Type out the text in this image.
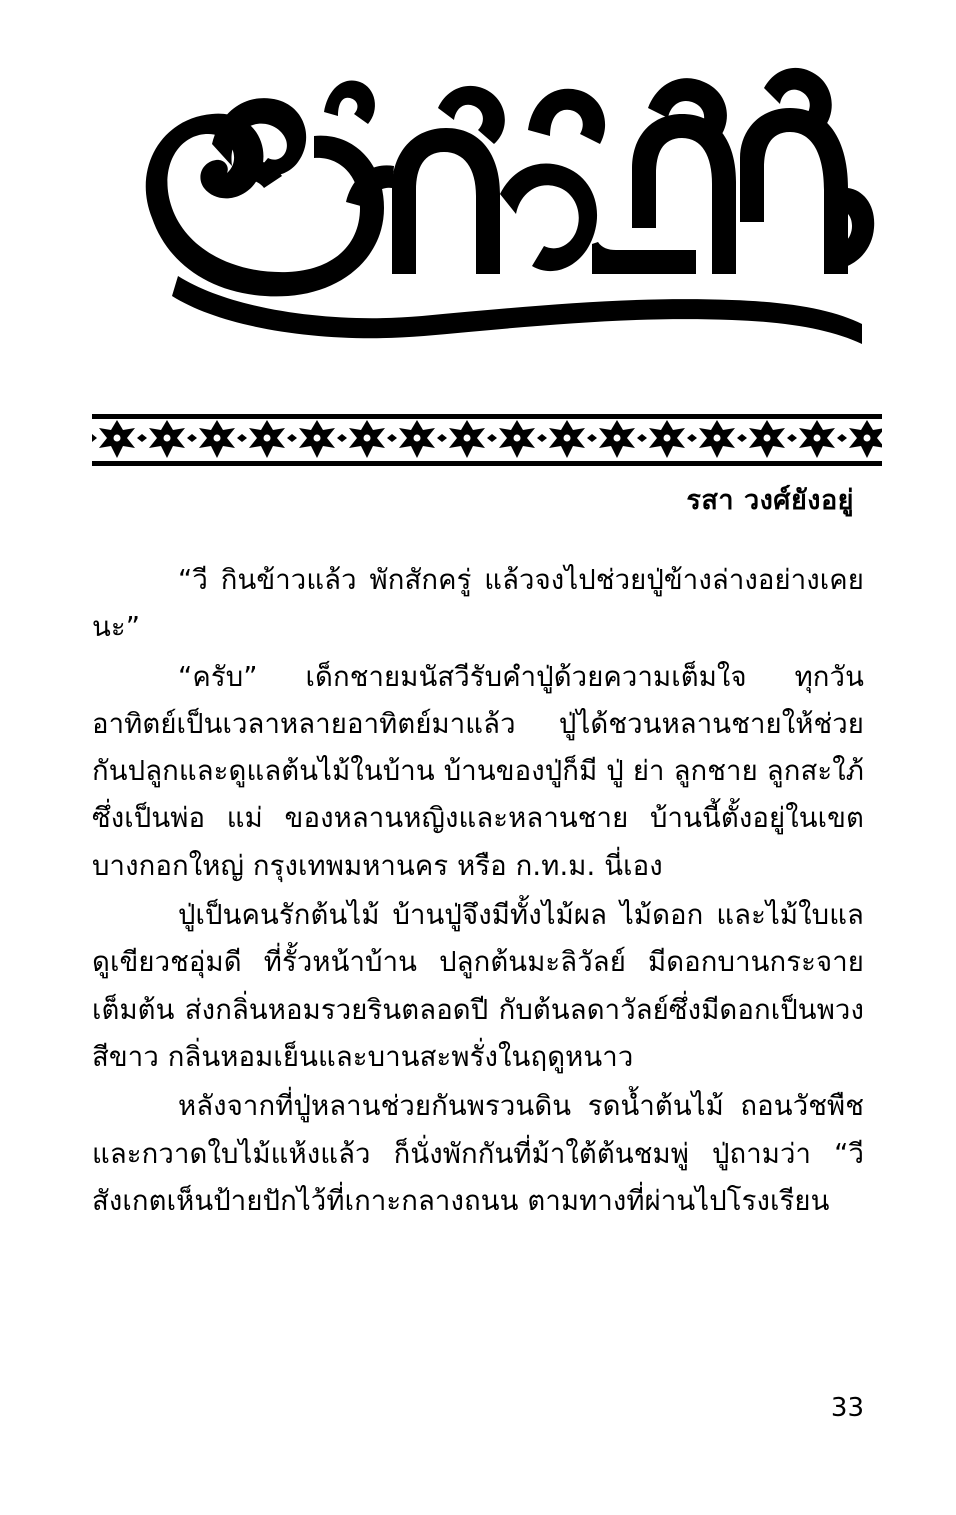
รสา วงศ์ยังอยู่

“วี กินข้าวแล้ว พักสักครู่ แล้วจงไปช่วยปู่ข้างล่างอย่างเคยนะ”

“ครับ” เด็กชายมนัสวีรับคำปู่ด้วยความเต็มใจ ทุกวันอาทิตย์เป็นเวลาหลายอาทิตย์มาแล้ว ปู่ได้ชวนหลานชายให้ช่วยกันปลูกและดูแลต้นไม้ในบ้าน บ้านของปู่ก็มี ปู่ ย่า ลูกชาย ลูกสะใภ้ ซึ่งเป็นพ่อ แม่ ของหลานหญิงและหลานชาย บ้านนี้ตั้งอยู่ในเขตบางกอกใหญ่ กรุงเทพมหานคร หรือ ก.ท.ม. นี่เอง

ปู่เป็นคนรักต้นไม้ บ้านปู่จึงมีทั้งไม้ผล ไม้ดอก และไม้ใบแลดูเขียวชอุ่มดี ที่รั้วหน้าบ้าน ปลูกต้นมะลิวัลย์ มีดอกบานกระจายเต็มต้น ส่งกลิ่นหอมรวยรินตลอดปี กับต้นลดาวัลย์ซึ่งมีดอกเป็นพวงสีขาว กลิ่นหอมเย็นและบานสะพรั่งในฤดูหนาว

หลังจากที่ปู่หลานช่วยกันพรวนดิน รดน้ำต้นไม้ ถอนวัชพืชและกวาดใบไม้แห้งแล้ว ก็นั่งพักกันที่ม้าใต้ต้นชมพู่ ปู่ถามว่า “วีสังเกตเห็นป้ายปักไว้ที่เกาะกลางถนน ตามทางที่ผ่านไปโรงเรียน

33
